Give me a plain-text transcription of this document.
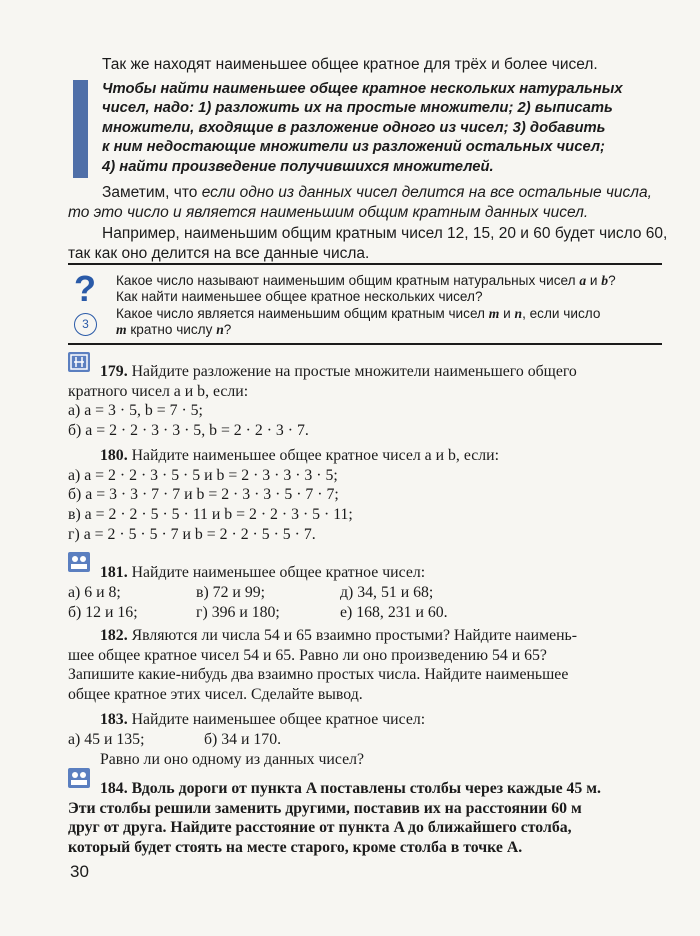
Так же находят наименьшее общее кратное для трёх и более чисел.
Чтобы найти наименьшее общее кратное нескольких натуральных
чисел, надо: 1) разложить их на простые множители; 2) выписать
множители, входящие в разложение одного из чисел; 3) добавить
к ним недостающие множители из разложений остальных чисел;
4) найти произведение получившихся множителей.
Заметим, что если одно из данных чисел делится на все остальные числа,
то это число и является наименьшим общим кратным данных чисел.
Например, наименьшим общим кратным чисел 12, 15, 20 и 60 будет число 60,
так как оно делится на все данные числа.
?
3
Какое число называют наименьшим общим кратным натуральных чисел a и b?
Как найти наименьшее общее кратное нескольких чисел?
Какое число является наименьшим общим кратным чисел m и n, если число
m кратно числу n?
179. Найдите разложение на простые множители наименьшего общего
кратного чисел a и b, если:
а) a = 3 · 5, b = 7 · 5;
б) a = 2 · 2 · 3 · 3 · 5, b = 2 · 2 · 3 · 7.
180. Найдите наименьшее общее кратное чисел a и b, если:
а) a = 2 · 2 · 3 · 5 · 5 и b = 2 · 3 · 3 · 3 · 5;
б) a = 3 · 3 · 7 · 7 и b = 2 · 3 · 3 · 5 · 7 · 7;
в) a = 2 · 2 · 5 · 5 · 11 и b = 2 · 2 · 3 · 5 · 11;
г) a = 2 · 5 · 5 · 7 и b = 2 · 2 · 5 · 5 · 7.
181. Найдите наименьшее общее кратное чисел:
а) 6 и 8;	в) 72 и 99;	д) 34, 51 и 68;
б) 12 и 16;	г) 396 и 180;	е) 168, 231 и 60.
182. Являются ли числа 54 и 65 взаимно простыми? Найдите наимень-
шее общее кратное чисел 54 и 65. Равно ли оно произведению 54 и 65?
Запишите какие-нибудь два взаимно простых числа. Найдите наименьшее
общее кратное этих чисел. Сделайте вывод.
183. Найдите наименьшее общее кратное чисел:
а) 45 и 135;	б) 34 и 170.
Равно ли оно одному из данных чисел?
184. Вдоль дороги от пункта A поставлены столбы через каждые 45 м.
Эти столбы решили заменить другими, поставив их на расстоянии 60 м
друг от друга. Найдите расстояние от пункта A до ближайшего столба,
который будет стоять на месте старого, кроме столба в точке A.
30
